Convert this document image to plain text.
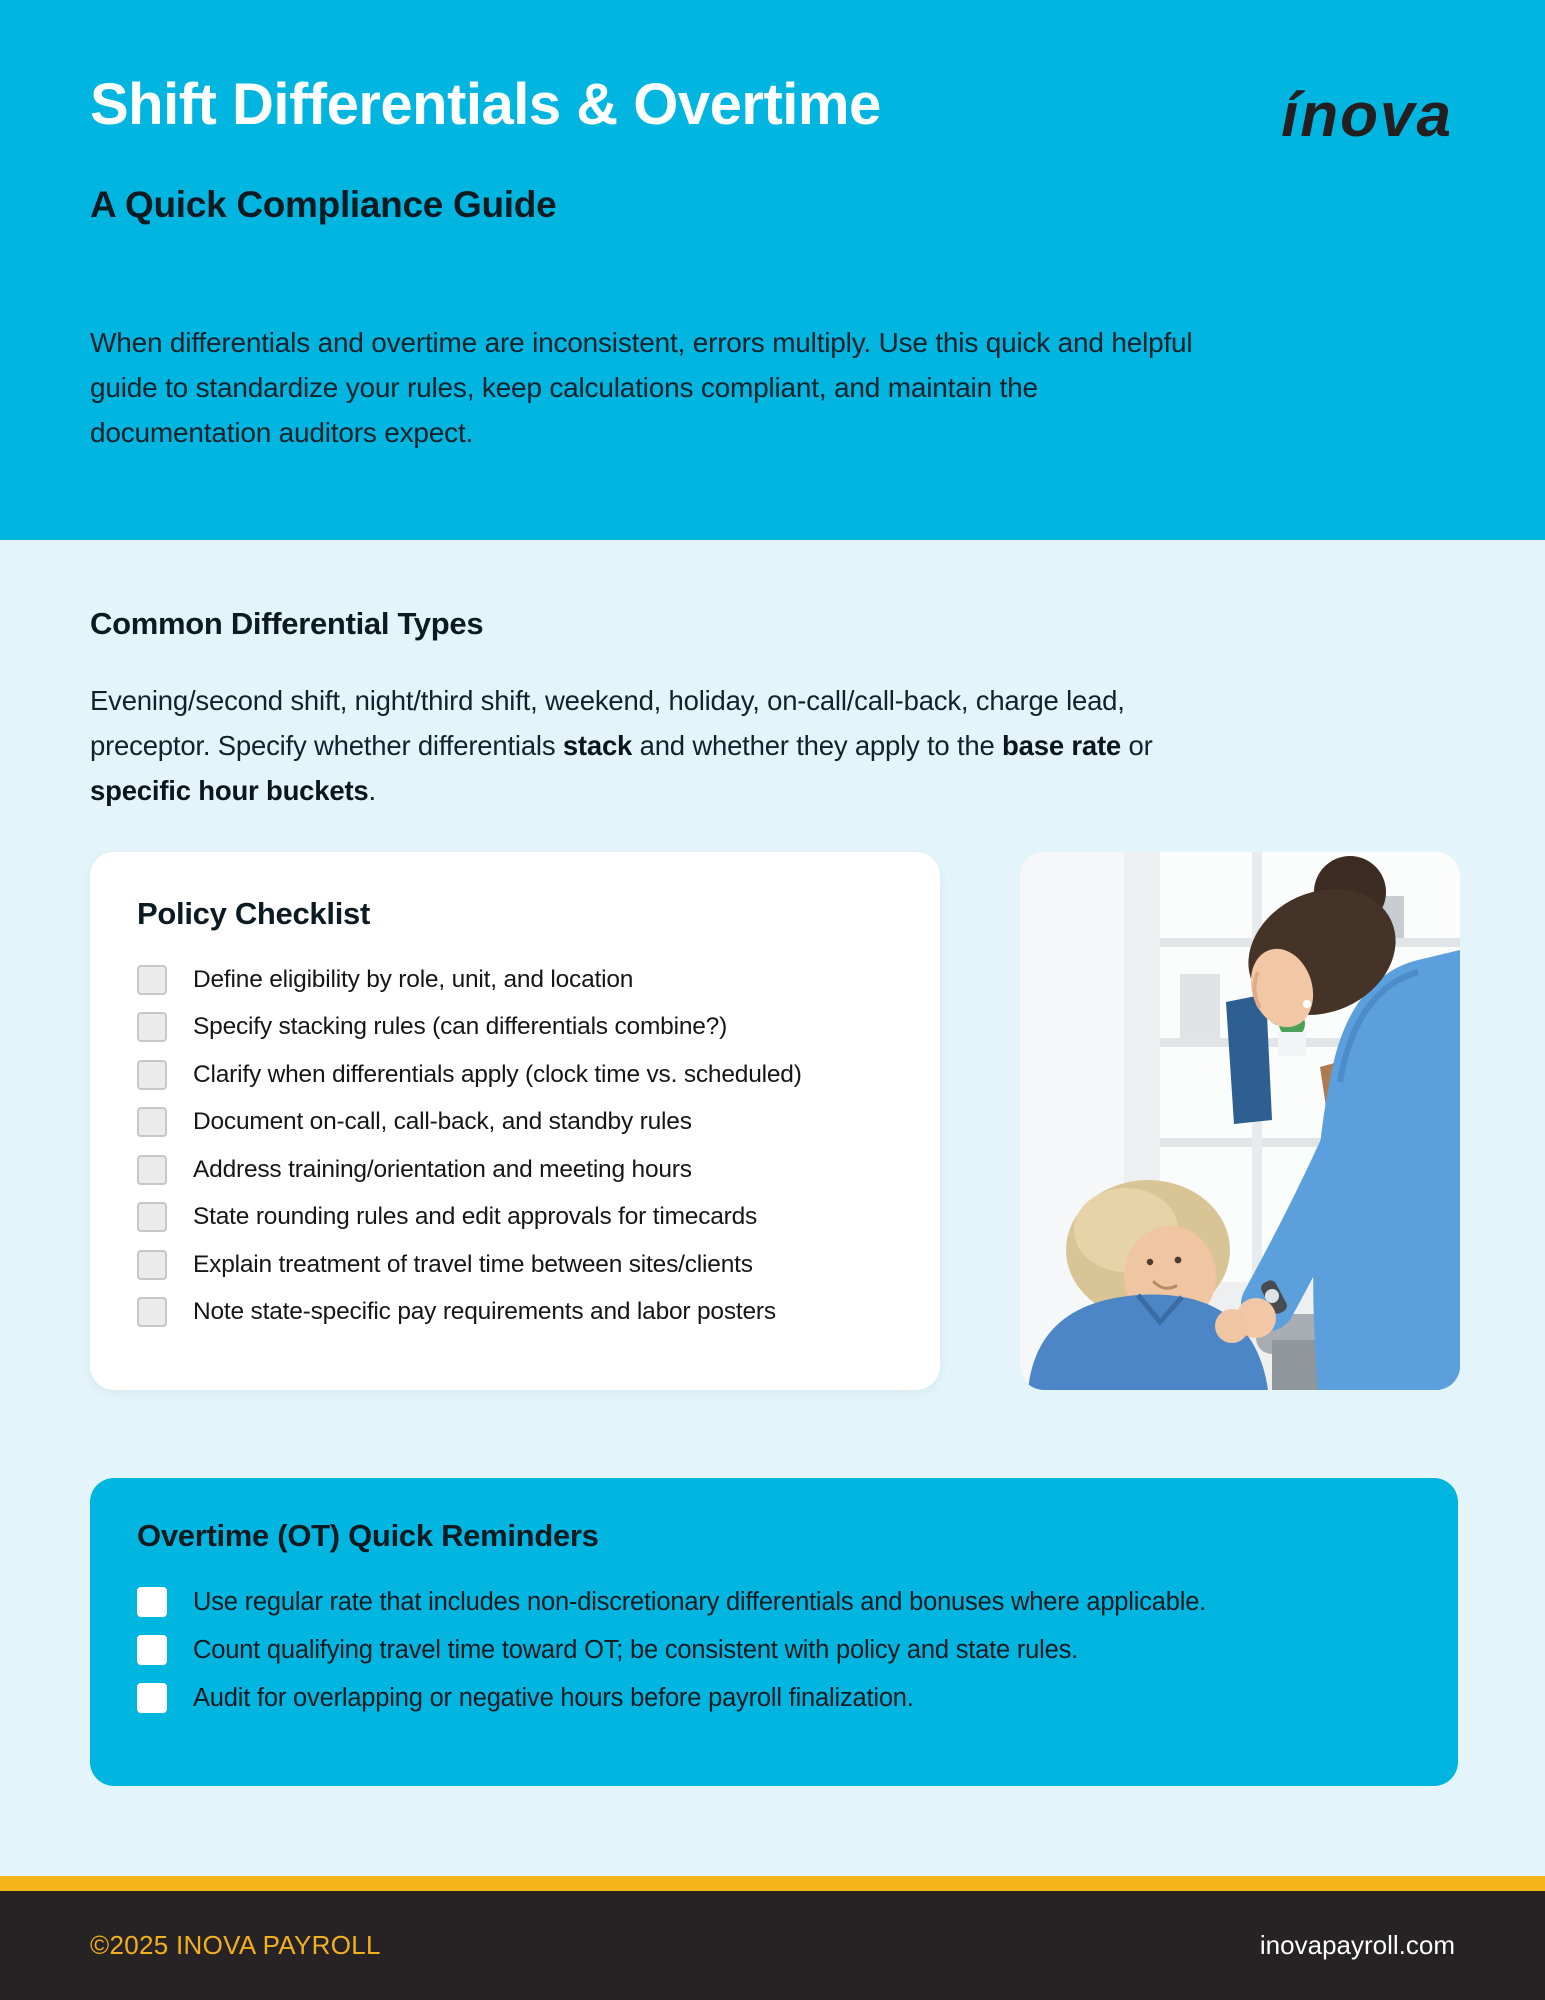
Shift Differentials & Overtime	ínova
A Quick Compliance Guide

When differentials and overtime are inconsistent, errors multiply. Use this quick and helpful guide to standardize your rules, keep calculations compliant, and maintain the documentation auditors expect.

Common Differential Types

Evening/second shift, night/third shift, weekend, holiday, on-call/call-back, charge lead, preceptor. Specify whether differentials stack and whether they apply to the base rate or specific hour buckets.

Policy Checklist
Define eligibility by role, unit, and location
Specify stacking rules (can differentials combine?)
Clarify when differentials apply (clock time vs. scheduled)
Document on-call, call-back, and standby rules
Address training/orientation and meeting hours
State rounding rules and edit approvals for timecards
Explain treatment of travel time between sites/clients
Note state-specific pay requirements and labor posters
Overtime (OT) Quick Reminders
Use regular rate that includes non-discretionary differentials and bonuses where applicable.
Count qualifying travel time toward OT; be consistent with policy and state rules.
Audit for overlapping or negative hours before payroll finalization.
©2025 INOVA PAYROLL	inovapayroll.com
